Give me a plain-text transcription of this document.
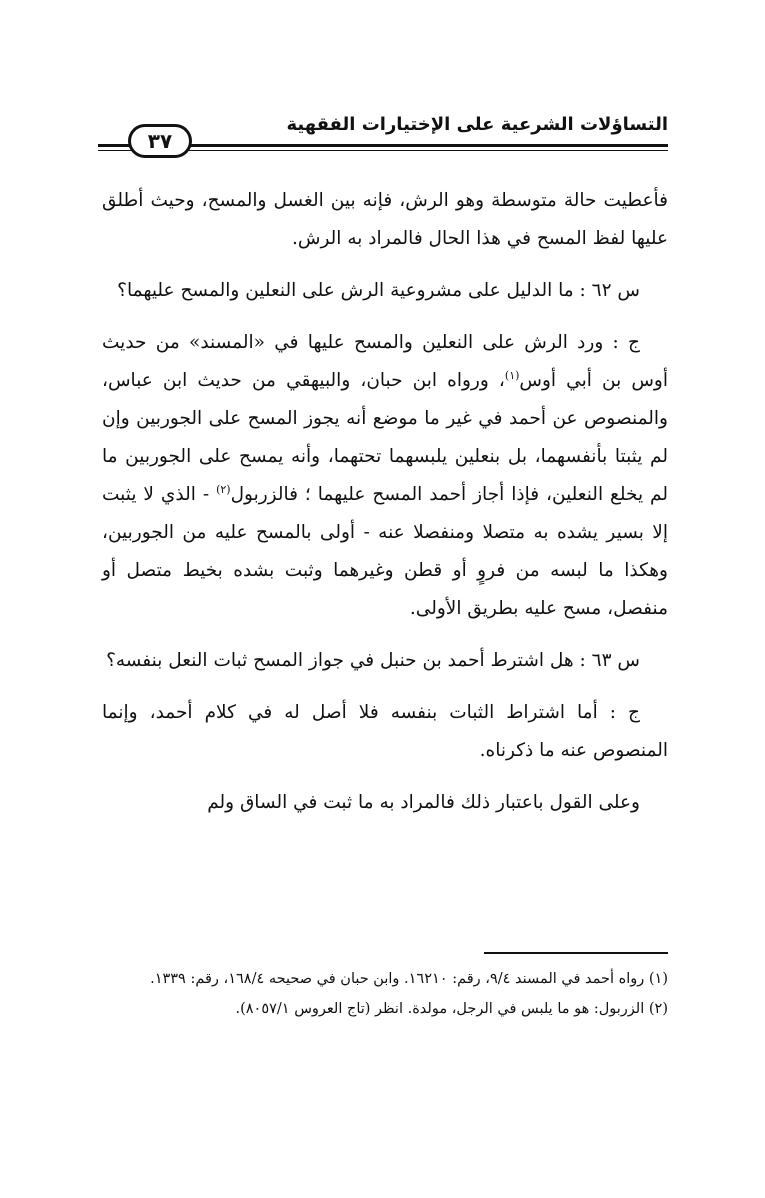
التساؤلات الشرعية على الإختيارات الفقهية
٣٧

فأعطيت حالة متوسطة وهو الرش، فإنه بين الغسل والمسح، وحيث أطلق عليها لفظ المسح في هذا الحال فالمراد به الرش.

س ٦٢ : ما الدليل على مشروعية الرش على النعلين والمسح عليهما؟

ج : ورد الرش على النعلين والمسح عليها في «المسند» من حديث أوس بن أبي أوس$^{(١)}$، ورواه ابن حبان، والبيهقي من حديث ابن عباس، والمنصوص عن أحمد في غير ما موضع أنه يجوز المسح على الجوربين وإن لم يثبتا بأنفسهما، بل بنعلين يلبسهما تحتهما، وأنه يمسح على الجوربين ما لم يخلع النعلين، فإذا أجاز أحمد المسح عليهما ؛ فالزربول$^{(٢)}$ - الذي لا يثبت إلا بسير يشده به متصلا ومنفصلا عنه - أولى بالمسح عليه من الجوربين، وهكذا ما لبسه من فروٍ أو قطن وغيرهما وثبت بشده بخيط متصل أو منفصل، مسح عليه بطريق الأولى.

س ٦٣ : هل اشترط أحمد بن حنبل في جواز المسح ثبات النعل بنفسه؟

ج : أما اشتراط الثبات بنفسه فلا أصل له في كلام أحمد، وإنما المنصوص عنه ما ذكرناه.

وعلى القول باعتبار ذلك فالمراد به ما ثبت في الساق ولم

(١) رواه أحمد في المسند ٩/٤، رقم: ١٦٢١٠. وابن حبان في صحيحه ١٦٨/٤، رقم: ١٣٣٩.

(٢) الزربول: هو ما يلبس في الرجل، مولدة. انظر (تاج العروس ٨٠٥٧/١).
